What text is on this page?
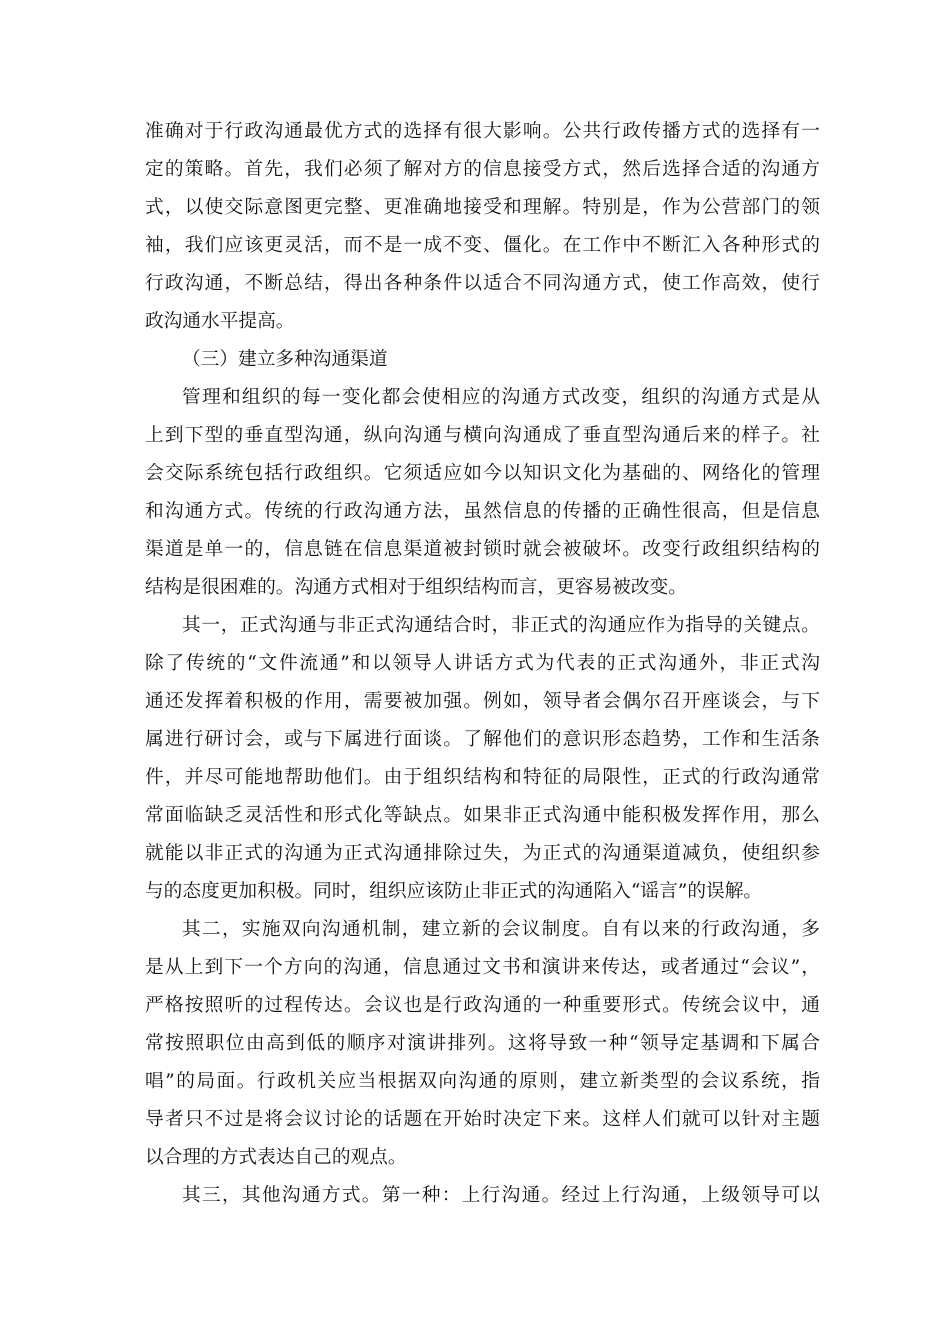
准确对于行政沟通最优方式的选择有很大影响。公共行政传播方式的选择有一
定的策略。首先，我们必须了解对方的信息接受方式，然后选择合适的沟通方
式，以使交际意图更完整、更准确地接受和理解。特别是，作为公营部门的领
袖，我们应该更灵活，而不是一成不变、僵化。在工作中不断汇入各种形式的
行政沟通，不断总结，得出各种条件以适合不同沟通方式，使工作高效，使行
政沟通水平提高。
（三）建立多种沟通渠道
管理和组织的每一变化都会使相应的沟通方式改变，组织的沟通方式是从
上到下型的垂直型沟通，纵向沟通与横向沟通成了垂直型沟通后来的样子。社
会交际系统包括行政组织。它须适应如今以知识文化为基础的、网络化的管理
和沟通方式。传统的行政沟通方法，虽然信息的传播的正确性很高，但是信息
渠道是单一的，信息链在信息渠道被封锁时就会被破坏。改变行政组织结构的
结构是很困难的。沟通方式相对于组织结构而言，更容易被改变。
其一，正式沟通与非正式沟通结合时，非正式的沟通应作为指导的关键点。
除了传统的“文件流通”和以领导人讲话方式为代表的正式沟通外，非正式沟
通还发挥着积极的作用，需要被加强。例如，领导者会偶尔召开座谈会，与下
属进行研讨会，或与下属进行面谈。了解他们的意识形态趋势，工作和生活条
件，并尽可能地帮助他们。由于组织结构和特征的局限性，正式的行政沟通常
常面临缺乏灵活性和形式化等缺点。如果非正式沟通中能积极发挥作用，那么
就能以非正式的沟通为正式沟通排除过失，为正式的沟通渠道减负，使组织参
与的态度更加积极。同时，组织应该防止非正式的沟通陷入“谣言”的误解。
其二，实施双向沟通机制，建立新的会议制度。自有以来的行政沟通，多
是从上到下一个方向的沟通，信息通过文书和演讲来传达，或者通过“会议”，
严格按照听的过程传达。会议也是行政沟通的一种重要形式。传统会议中，通
常按照职位由高到低的顺序对演讲排列。这将导致一种“领导定基调和下属合
唱”的局面。行政机关应当根据双向沟通的原则，建立新类型的会议系统，指
导者只不过是将会议讨论的话题在开始时决定下来。这样人们就可以针对主题
以合理的方式表达自己的观点。
其三，其他沟通方式。第一种：上行沟通。经过上行沟通，上级领导可以
